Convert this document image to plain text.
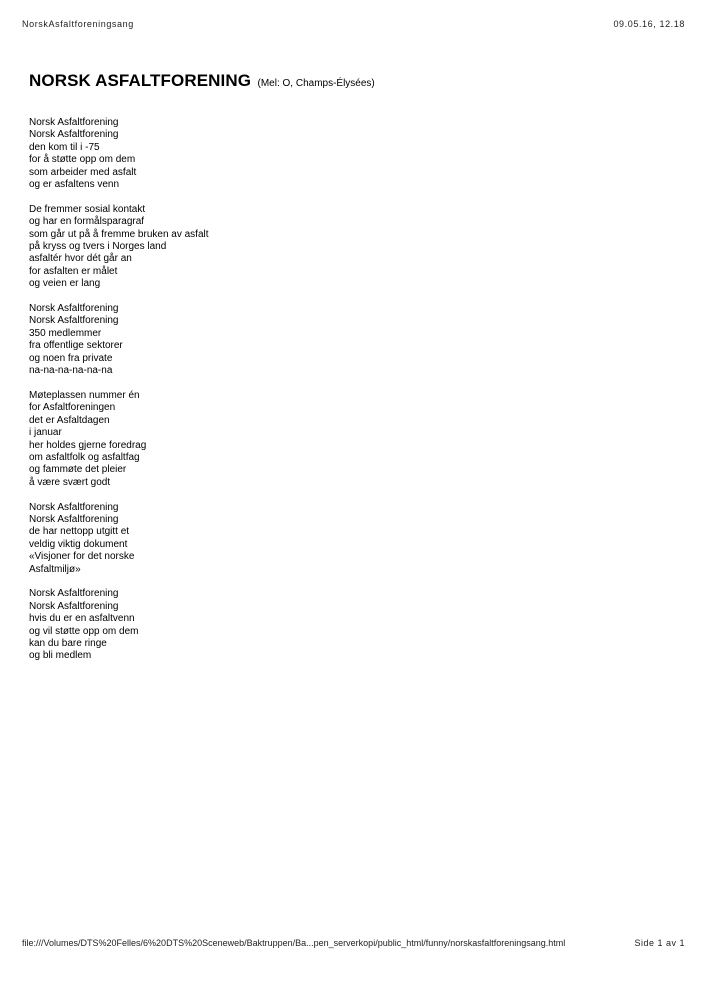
NorskAsfaltforeningsang	09.05.16, 12.18
NORSK ASFALTFORENING (Mel: O, Champs-Élysées)
Norsk Asfaltforening
Norsk Asfaltforening
den kom til i -75
for å støtte opp om dem
som arbeider med asfalt
og er asfaltens venn
De fremmer sosial kontakt
og har en formålsparagraf
som går ut på å fremme bruken av asfalt
på kryss og tvers i Norges land
asfaltér hvor dét går an
for asfalten er målet
og veien er lang
Norsk Asfaltforening
Norsk Asfaltforening
350 medlemmer
fra offentlige sektorer
og noen fra private
na-na-na-na-na-na
Møteplassen nummer én
for Asfaltforeningen
det er Asfaltdagen
i januar
her holdes gjerne foredrag
om asfaltfolk og asfaltfag
og fammøte det pleier
å være svært godt
Norsk Asfaltforening
Norsk Asfaltforening
de har nettopp utgitt et
veldig viktig dokument
«Visjoner for det norske
Asfaltmiljø»
Norsk Asfaltforening
Norsk Asfaltforening
hvis du er en asfaltvenn
og vil støtte opp om dem
kan du bare ringe
og bli medlem
file:///Volumes/DTS%20Felles/6%20DTS%20Sceneweb/Baktruppen/Ba...pen_serverkopi/public_html/funny/norskasfaltforeningsang.html	Side 1 av 1
